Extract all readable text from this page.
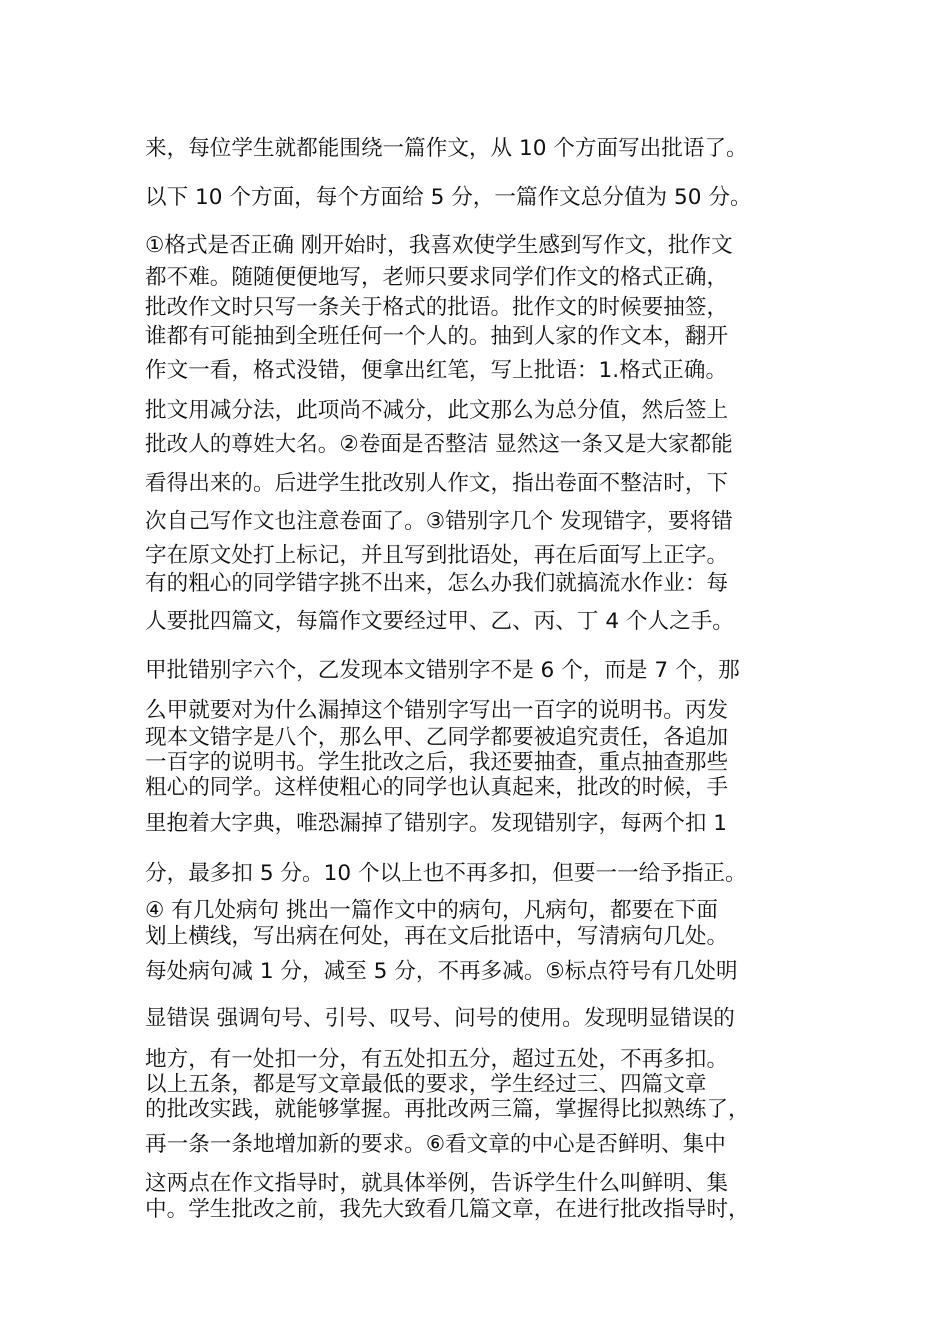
来，每位学生就都能围绕一篇作文，从 10 个方面写出批语了。
以下 10 个方面，每个方面给 5 分，一篇作文总分值为 50 分。
①格式是否正确 刚开始时，我喜欢使学生感到写作文，批作文
都不难。随随便便地写，老师只要求同学们作文的格式正确，
批改作文时只写一条关于格式的批语。批作文的时候要抽签，
谁都有可能抽到全班任何一个人的。抽到人家的作文本，翻开
作文一看，格式没错，便拿出红笔，写上批语：1.格式正确。
批文用减分法，此项尚不减分，此文那么为总分值，然后签上
批改人的尊姓大名。②卷面是否整洁 显然这一条又是大家都能
看得出来的。后进学生批改别人作文，指出卷面不整洁时，下
次自己写作文也注意卷面了。③错别字几个 发现错字，要将错
字在原文处打上标记，并且写到批语处，再在后面写上正字。
有的粗心的同学错字挑不出来，怎么办我们就搞流水作业：每
人要批四篇文，每篇作文要经过甲、乙、丙、丁 4 个人之手。
甲批错别字六个，乙发现本文错别字不是 6 个，而是 7 个，那
么甲就要对为什么漏掉这个错别字写出一百字的说明书。丙发
现本文错字是八个，那么甲、乙同学都要被追究责任，各追加
一百字的说明书。学生批改之后，我还要抽查，重点抽查那些
粗心的同学。这样使粗心的同学也认真起来，批改的时候，手
里抱着大字典，唯恐漏掉了错别字。发现错别字，每两个扣 1
分，最多扣 5 分。10 个以上也不再多扣，但要一一给予指正。
④ 有几处病句 挑出一篇作文中的病句，凡病句，都要在下面
划上横线，写出病在何处，再在文后批语中，写清病句几处。
每处病句减 1 分，减至 5 分，不再多减。⑤标点符号有几处明
显错误 强调句号、引号、叹号、问号的使用。发现明显错误的
地方，有一处扣一分，有五处扣五分，超过五处，不再多扣。
以上五条，都是写文章最低的要求，学生经过三、四篇文章
的批改实践，就能够掌握。再批改两三篇，掌握得比拟熟练了，
再一条一条地增加新的要求。⑥看文章的中心是否鲜明、集中
这两点在作文指导时，就具体举例，告诉学生什么叫鲜明、集
中。学生批改之前，我先大致看几篇文章，在进行批改指导时，
